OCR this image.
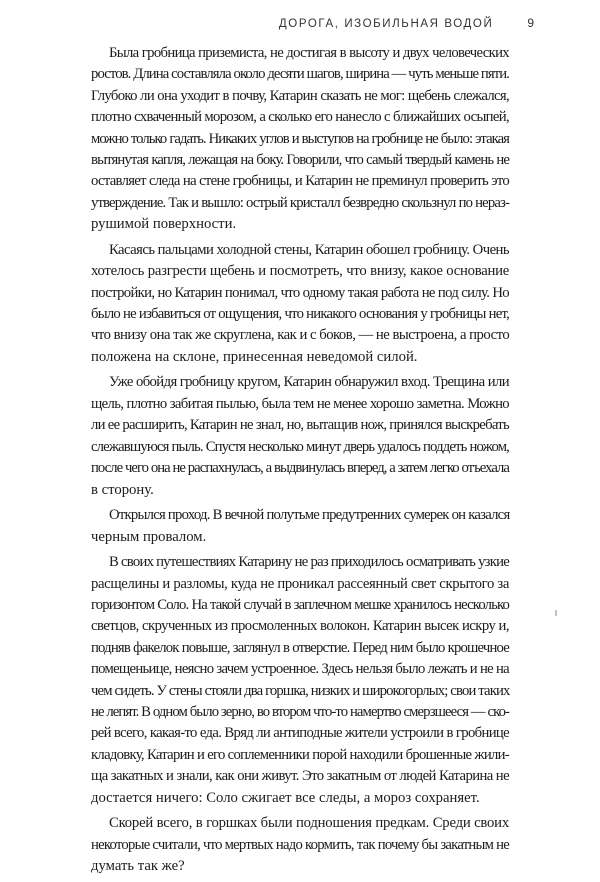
ДОРОГА, ИЗОБИЛЬНАЯ ВОДОЙ	9

Была гробница приземиста, не достигая в высоту и двух человеческих
ростов. Длина составляла около десяти шагов, ширина — чуть меньше пяти.
Глубоко ли она уходит в почву, Катарин сказать не мог: щебень слежался,
плотно схваченный морозом, а сколько его нанесло с ближайших осыпей,
можно только гадать. Никаких углов и выступов на гробнице не было: этакая
вытянутая капля, лежащая на боку. Говорили, что самый твердый камень не
оставляет следа на стене гробницы, и Катарин не преминул проверить это
утверждение. Так и вышло: острый кристалл безвредно скользнул по нераз-
рушимой поверхности.

Касаясь пальцами холодной стены, Катарин обошел гробницу. Очень
хотелось разгрести щебень и посмотреть, что внизу, какое основание
постройки, но Катарин понимал, что одному такая работа не под силу. Но
было не избавиться от ощущения, что никакого основания у гробницы нет,
что внизу она так же скруглена, как и с боков, — не выстроена, а просто
положена на склоне, принесенная неведомой силой.

Уже обойдя гробницу кругом, Катарин обнаружил вход. Трещина или
щель, плотно забитая пылью, была тем не менее хорошо заметна. Можно
ли ее расширить, Катарин не знал, но, вытащив нож, принялся выскребать
слежавшуюся пыль. Спустя несколько минут дверь удалось поддеть ножом,
после чего она не распахнулась, а выдвинулась вперед, а затем легко отъехала
в сторону.

Открылся проход. В вечной полутьме предутренних сумерек он казался
черным провалом.

В своих путешествиях Катарину не раз приходилось осматривать узкие
расщелины и разломы, куда не проникал рассеянный свет скрытого за
горизонтом Соло. На такой случай в заплечном мешке хранилось несколько
светцов, скрученных из просмоленных волокон. Катарин высек искру и,
подняв факелок повыше, заглянул в отверстие. Перед ним было крошечное
помещеньице, неясно зачем устроенное. Здесь нельзя было лежать и не на
чем сидеть. У стены стояли два горшка, низких и широкогорлых; свои таких
не лепят. В одном было зерно, во втором что-то намертво смерзшееся — ско-
рей всего, какая-то еда. Вряд ли антиподные жители устроили в гробнице
кладовку, Катарин и его соплеменники порой находили брошенные жили-
ща закатных и знали, как они живут. Это закатным от людей Катарина не
достается ничего: Соло сжигает все следы, а мороз сохраняет.

Скорей всего, в горшках были подношения предкам. Среди своих
некоторые считали, что мертвых надо кормить, так почему бы закатным не
думать так же?
